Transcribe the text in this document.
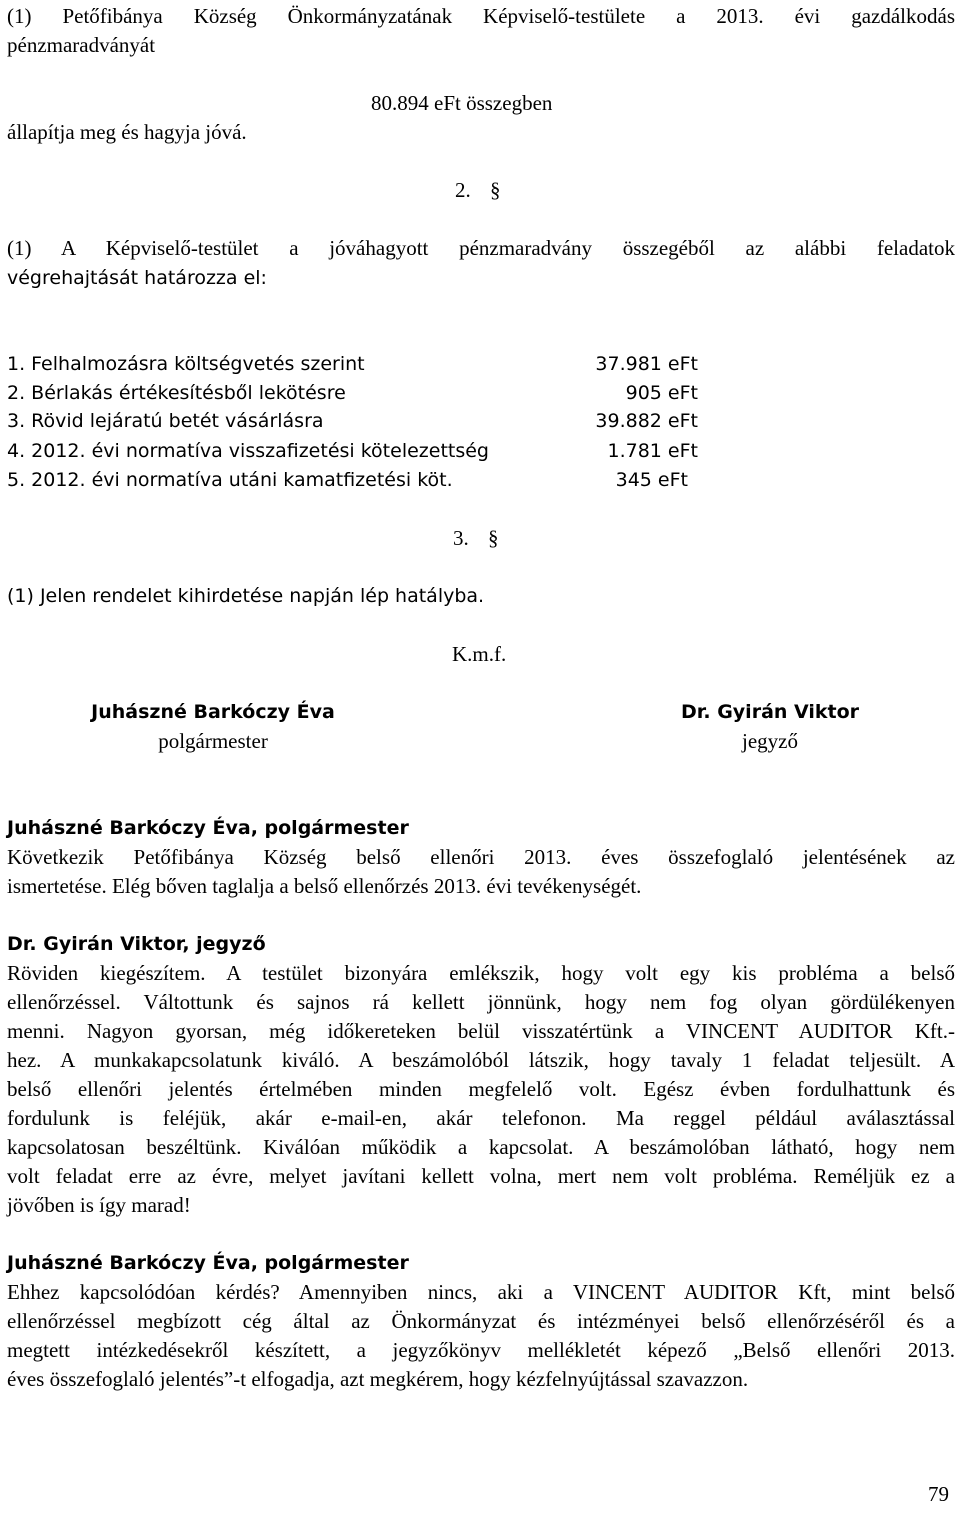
(1) Petőfibánya Község Önkormányzatának Képviselő-testülete a 2013. évi gazdálkodás
pénzmaradványát
80.894 eFt összegben
állapítja meg és hagyja jóvá.
2. §
(1) A Képviselő-testület a jóváhagyott pénzmaradvány összegéből az alábbi feladatok
végrehajtását határozza el:
1. Felhalmozásra költségvetés szerint	37.981 eFt
2. Bérlakás értékesítésből lekötésre	905 eFt
3. Rövid lejáratú betét vásárlásra	39.882 eFt
4. 2012. évi normatíva visszafizetési kötelezettség	1.781 eFt
5. 2012. évi normatíva utáni kamatfizetési köt.	345 eFt
3. §
(1) Jelen rendelet kihirdetése napján lép hatályba.
K.m.f.
Juhászné Barkóczy Éva
polgármester
Dr. Gyirán Viktor
jegyző
Juhászné Barkóczy Éva, polgármester
Következik Petőfibánya Község belső ellenőri 2013. éves összefoglaló jelentésének az
ismertetése. Elég bőven taglalja a belső ellenőrzés 2013. évi tevékenységét.
Dr. Gyirán Viktor, jegyző
Röviden kiegészítem. A testület bizonyára emlékszik, hogy volt egy kis probléma a belső
ellenőrzéssel. Váltottunk és sajnos rá kellett jönnünk, hogy nem fog olyan gördülékenyen
menni. Nagyon gyorsan, még időkereteken belül visszatértünk a VINCENT AUDITOR Kft.-
hez. A munkakapcsolatunk kiváló. A beszámolóból látszik, hogy tavaly 1 feladat teljesült. A
belső ellenőri jelentés értelmében minden megfelelő volt. Egész évben fordulhattunk és
fordulunk is feléjük, akár e-mail-en, akár telefonon. Ma reggel például aválasztással
kapcsolatosan beszéltünk. Kiválóan működik a kapcsolat. A beszámolóban látható, hogy nem
volt feladat erre az évre, melyet javítani kellett volna, mert nem volt probléma. Reméljük ez a
jövőben is így marad!
Juhászné Barkóczy Éva, polgármester
Ehhez kapcsolódóan kérdés? Amennyiben nincs, aki a VINCENT AUDITOR Kft, mint belső
ellenőrzéssel megbízott cég által az Önkormányzat és intézményei belső ellenőrzéséről és a
megtett intézkedésekről készített, a jegyzőkönyv mellékletét képező „Belső ellenőri 2013.
éves összefoglaló jelentés”-t elfogadja, azt megkérem, hogy kézfelnyújtással szavazzon.
79
